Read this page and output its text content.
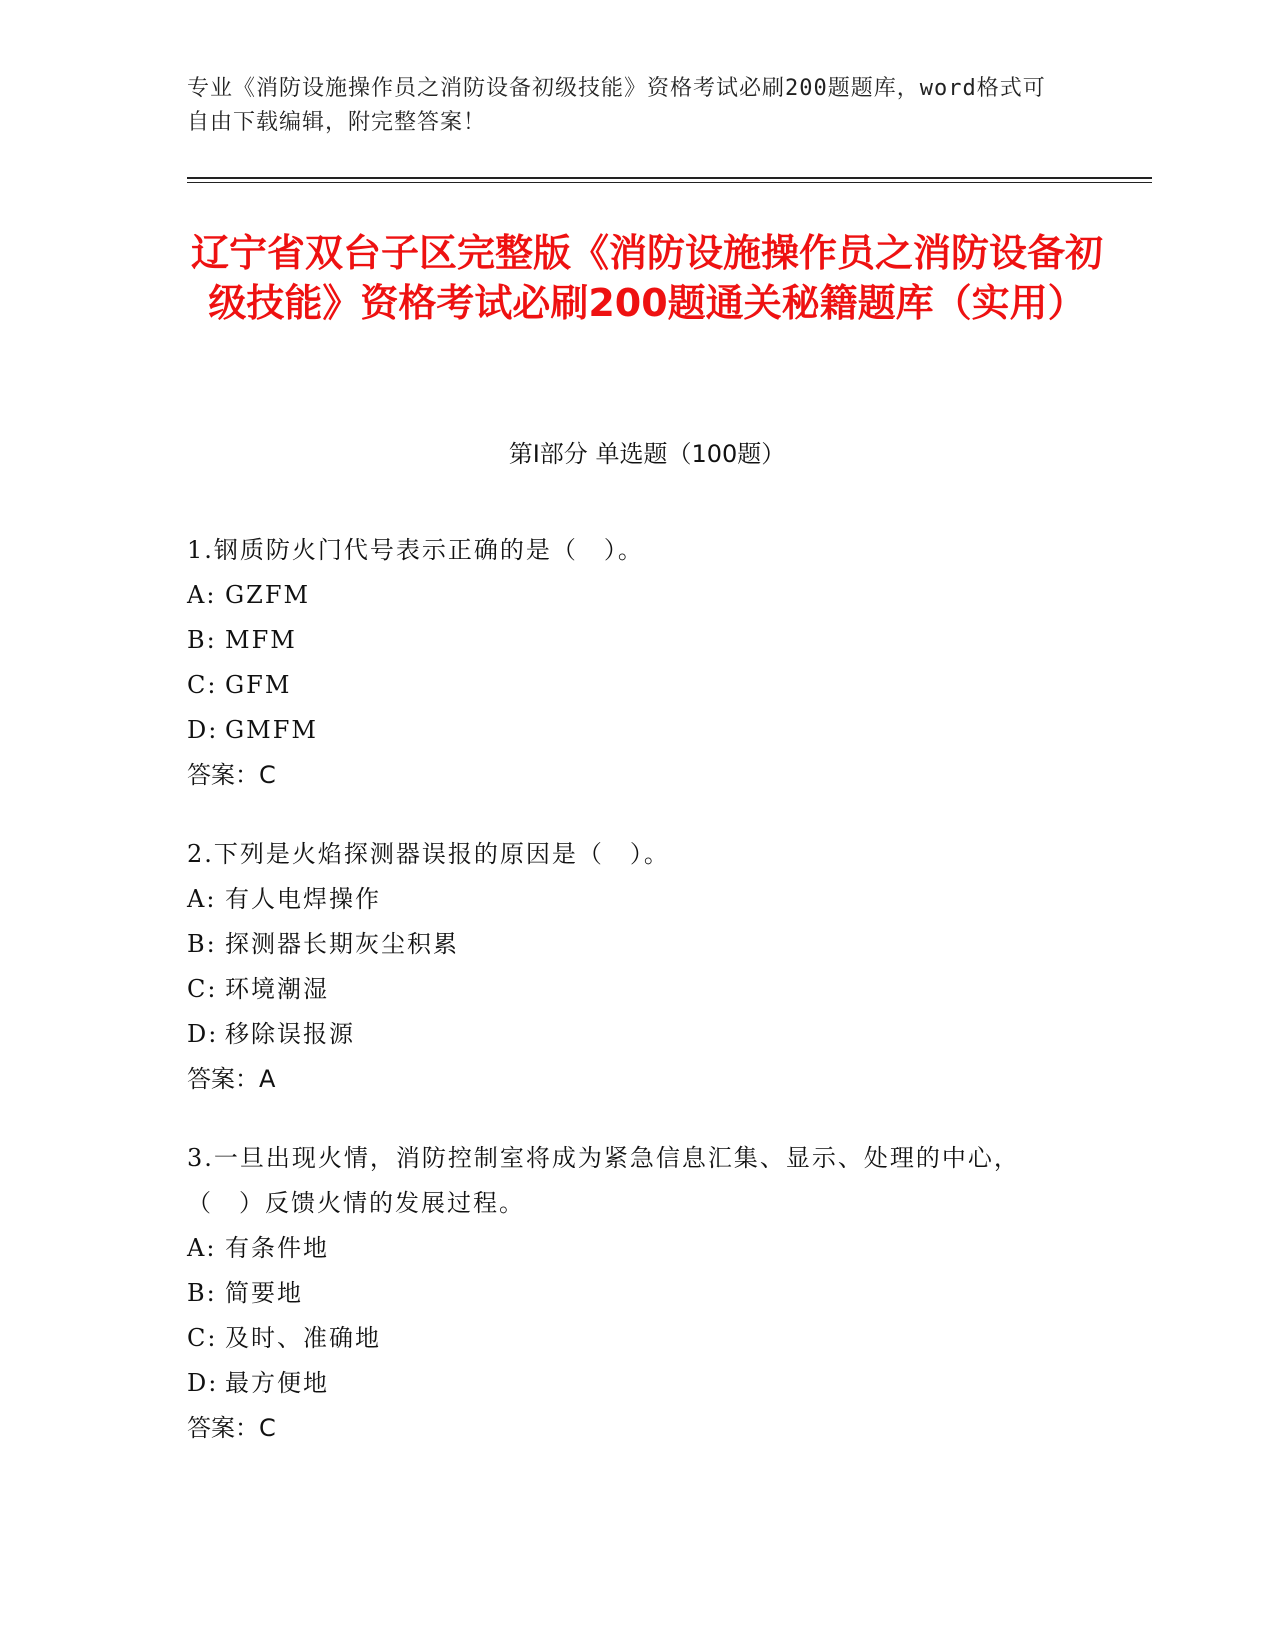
专业《消防设施操作员之消防设备初级技能》资格考试必刷200题题库，word格式可自由下载编辑，附完整答案！
辽宁省双台子区完整版《消防设施操作员之消防设备初级技能》资格考试必刷200题通关秘籍题库（实用）
第Ⅰ部分 单选题（100题）

1.钢质防火门代号表示正确的是（　）。

A: GZFM

B: MFM

C: GFM

D: GMFM

答案：C

2.下列是火焰探测器误报的原因是（　）。

A: 有人电焊操作

B: 探测器长期灰尘积累

C: 环境潮湿

D: 移除误报源

答案：A

3.一旦出现火情，消防控制室将成为紧急信息汇集、显示、处理的中心，（　）反馈火情的发展过程。

A: 有条件地

B: 简要地

C: 及时、准确地

D: 最方便地

答案：C
